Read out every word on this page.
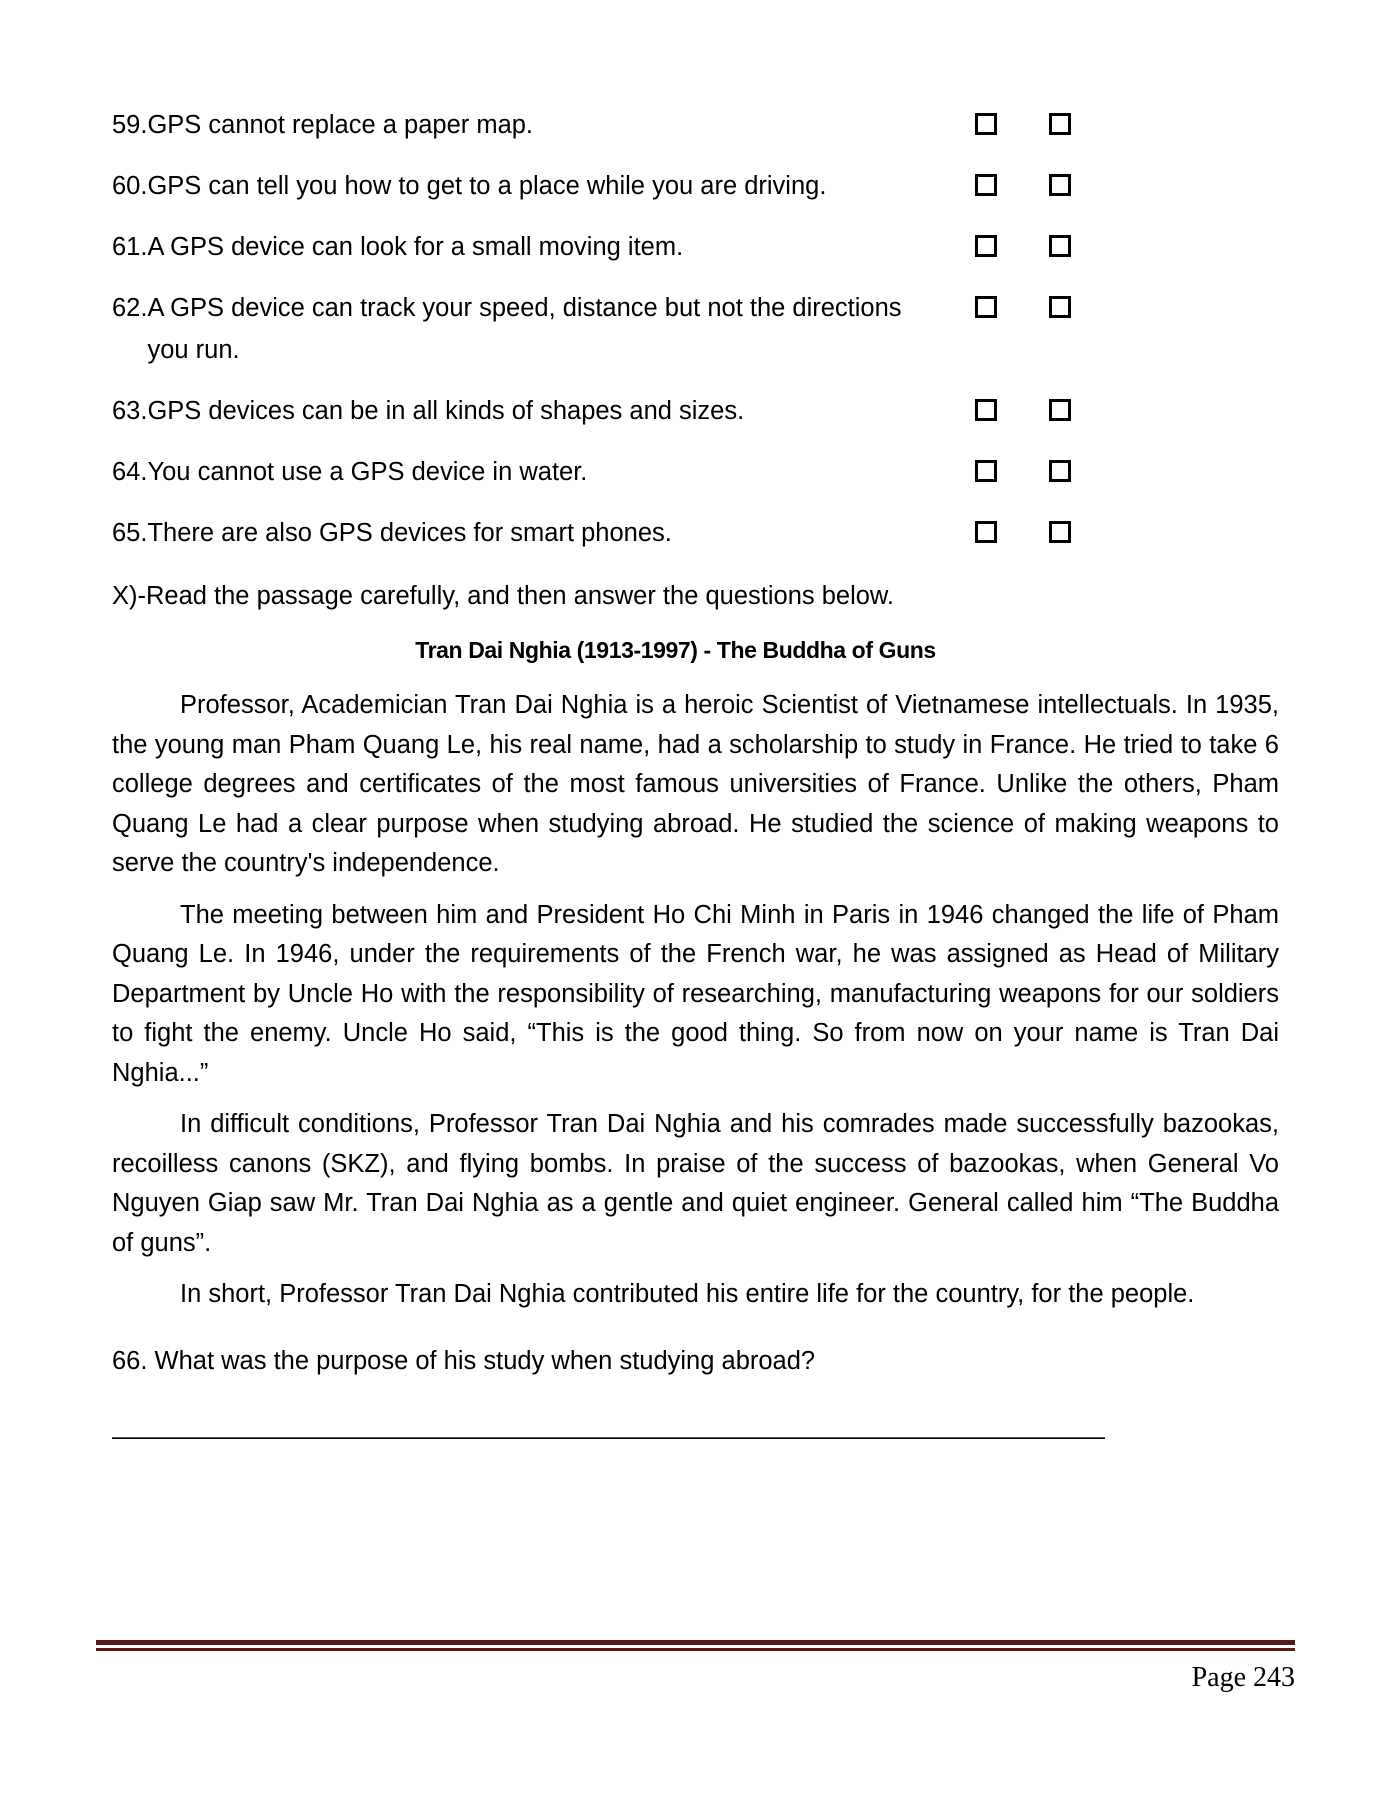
59. GPS cannot replace a paper map.
60. GPS can tell you how to get to a place while you are driving.
61. A GPS device can look for a small moving item.
62. A GPS device can track your speed, distance but not the directions you run.
63. GPS devices can be in all kinds of shapes and sizes.
64. You cannot use a GPS device in water.
65. There are also GPS devices for smart phones.
X)-Read the passage carefully, and then answer the questions below.
Tran Dai Nghia (1913-1997) - The Buddha of Guns

Professor, Academician Tran Dai Nghia is a heroic Scientist of Vietnamese intellectuals. In 1935, the young man Pham Quang Le, his real name, had a scholarship to study in France. He tried to take 6 college degrees and certificates of the most famous universities of France. Unlike the others, Pham Quang Le had a clear purpose when studying abroad. He studied the science of making weapons to serve the country's independence.

The meeting between him and President Ho Chi Minh in Paris in 1946 changed the life of Pham Quang Le. In 1946, under the requirements of the French war, he was assigned as Head of Military Department by Uncle Ho with the responsibility of researching, manufacturing weapons for our soldiers to fight the enemy. Uncle Ho said, “This is the good thing. So from now on your name is Tran Dai Nghia...”

In difficult conditions, Professor Tran Dai Nghia and his comrades made successfully bazookas, recoilless canons (SKZ), and flying bombs. In praise of the success of bazookas, when General Vo Nguyen Giap saw Mr. Tran Dai Nghia as a gentle and quiet engineer. General called him “The Buddha of guns”.

In short, Professor Tran Dai Nghia contributed his entire life for the country, for the people.

66. What was the purpose of his study when studying abroad?
______________________________________________________________________
Page 243
